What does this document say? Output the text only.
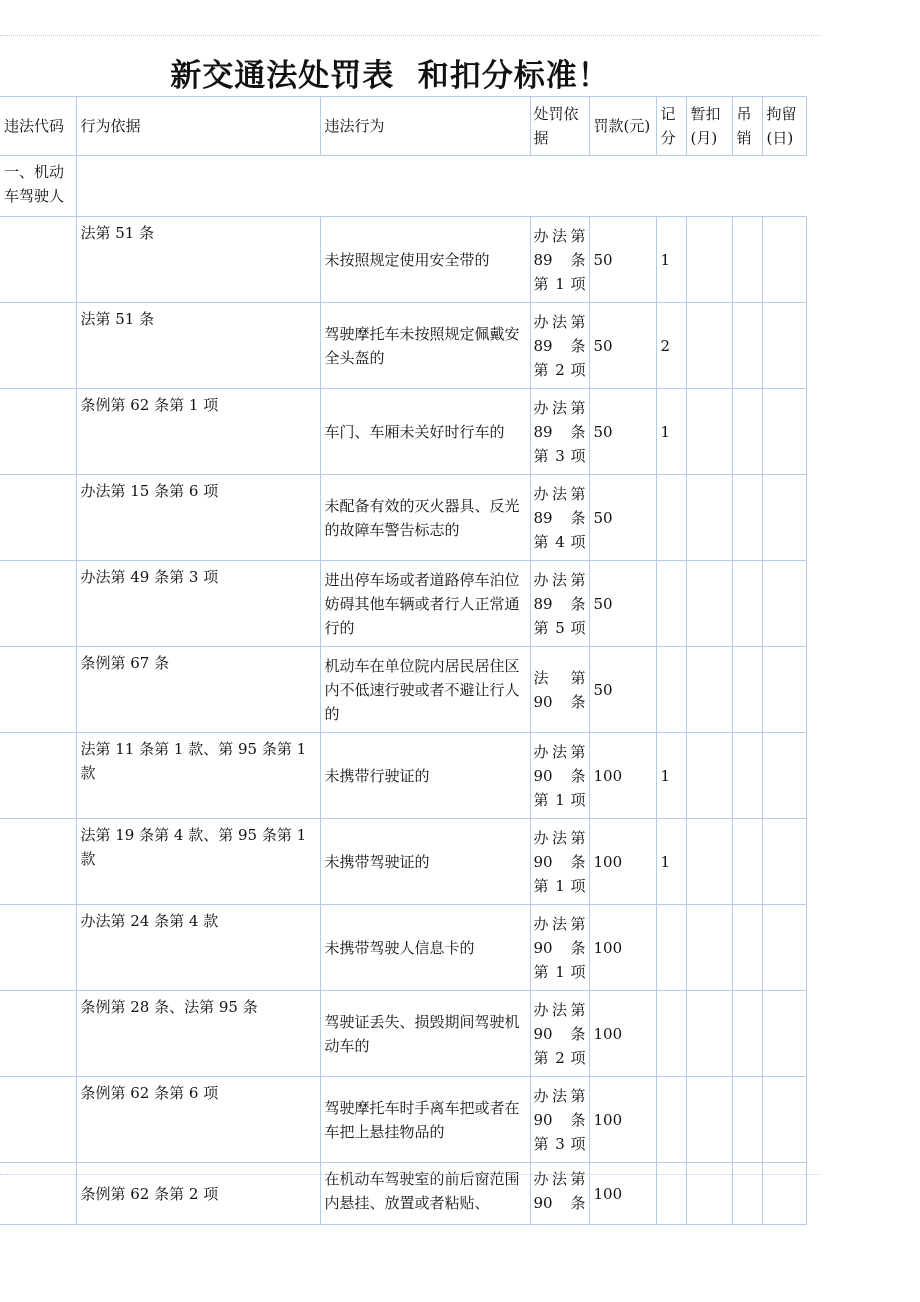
新交通法处罚表  和扣分标准！
违法代码	行为依据	违法行为	处罚依据	罚款(元)	记分	暂扣(月)	吊销	拘留(日)
一、机动车驾驶人								
	法第 51 条	未按照规定使用安全带的	办法第
89 条
第 1 项	50	1			
	法第 51 条	驾驶摩托车未按照规定佩戴安全头盔的	办法第
89 条
第 2 项	50	2			
	条例第 62 条第 1 项	车门、车厢未关好时行车的	办法第
89 条
第 3 项	50	1			
	办法第 15 条第 6 项	未配备有效的灭火器具、反光的故障车警告标志的	办法第
89 条
第 4 项	50				
	办法第 49 条第 3 项	进出停车场或者道路停车泊位妨碍其他车辆或者行人正常通行的	办法第
89 条
第 5 项	50				
	条例第 67 条	机动车在单位院内居民居住区内不低速行驶或者不避让行人的	法　第
90 条	50				
	法第 11 条第 1 款、第 95 条第 1 款	未携带行驶证的	办法第
90 条
第 1 项	100	1			
	法第 19 条第 4 款、第 95 条第 1 款	未携带驾驶证的	办法第
90 条
第 1 项	100	1			
	办法第 24 条第 4 款	未携带驾驶人信息卡的	办法第
90 条
第 1 项	100				
	条例第 28 条、法第 95 条	驾驶证丢失、损毁期间驾驶机动车的	办法第
90 条
第 2 项	100				
	条例第 62 条第 6 项	驾驶摩托车时手离车把或者在车把上悬挂物品的	办法第
90 条
第 3 项	100				
	条例第 62 条第 2 项	在机动车驾驶室的前后窗范围内悬挂、放置或者粘贴、	办法第
90 条	100				
